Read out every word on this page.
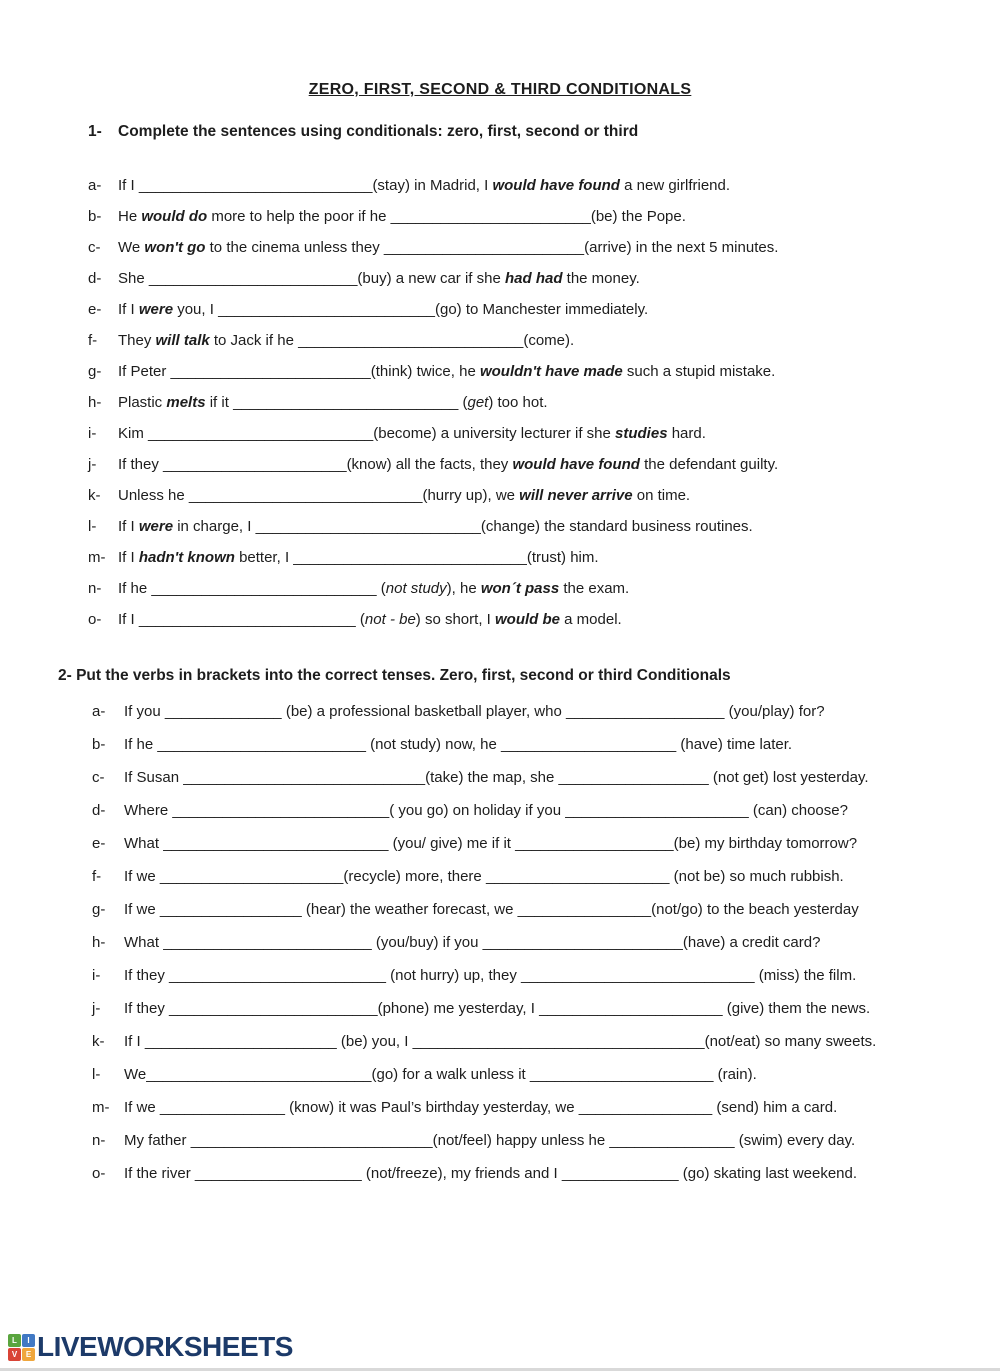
ZERO, FIRST, SECOND & THIRD CONDITIONALS
1-	Complete the sentences using conditionals: zero, first, second or third
a-	If I ____________________________(stay) in Madrid, I would have found a new girlfriend.
b-	He would do more to help the poor if he ________________________(be) the Pope.
c-	We won't go to the cinema unless they ________________________(arrive) in the next 5 minutes.
d-	She _________________________(buy) a new car if she had had the money.
e-	If I were you, I __________________________(go) to Manchester immediately.
f-	They will talk to Jack if he ___________________________(come).
g-	If Peter ________________________(think) twice, he wouldn't have made such a stupid mistake.
h-	Plastic melts if it ___________________________ (get) too hot.
i-	Kim ___________________________(become) a university lecturer if she studies hard.
j-	If they ______________________(know) all the facts, they would have found the defendant guilty.
k-	Unless he ____________________________(hurry up), we will never arrive on time.
l-	If I were in charge, I ___________________________(change) the standard business routines.
m- If I hadn't known better, I ____________________________(trust) him.
n-	If he ___________________________ (not study), he won´t pass the exam.
o-	If I __________________________ (not - be) so short, I would be a model.
2- Put the verbs in brackets into the correct tenses. Zero, first, second or third Conditionals
a-	If you ______________ (be) a professional basketball player, who ___________________ (you/play) for?
b-	If he _________________________ (not study) now, he _____________________ (have) time later.
c-	If Susan _____________________________(take) the map, she __________________ (not get) lost yesterday.
d-	Where __________________________( you go) on holiday if you ______________________ (can) choose?
e-	What ___________________________ (you/ give) me if it ___________________(be) my birthday tomorrow?
f-	If we ______________________(recycle) more, there ______________________ (not be) so much rubbish.
g-	If we _________________ (hear) the weather forecast, we ________________(not/go) to the beach yesterday
h-	What _________________________ (you/buy) if you ________________________(have) a credit card?
i-	If they __________________________ (not hurry) up, they ____________________________ (miss) the film.
j-	If they _________________________(phone) me yesterday, I ______________________ (give) them the news.
k-	If I _______________________ (be) you, I ___________________________________(not/eat) so many sweets.
l-	We___________________________(go) for a walk unless it ______________________ (rain).
m- If we _______________ (know) it was Paul’s birthday yesterday, we ________________ (send) him a card.
n-	My father _____________________________(not/feel) happy unless he _______________ (swim) every day.
o-	If the river ____________________ (not/freeze), my friends and I ______________ (go) skating last weekend.
L	I
V	E LIVEWORKSHEETS
